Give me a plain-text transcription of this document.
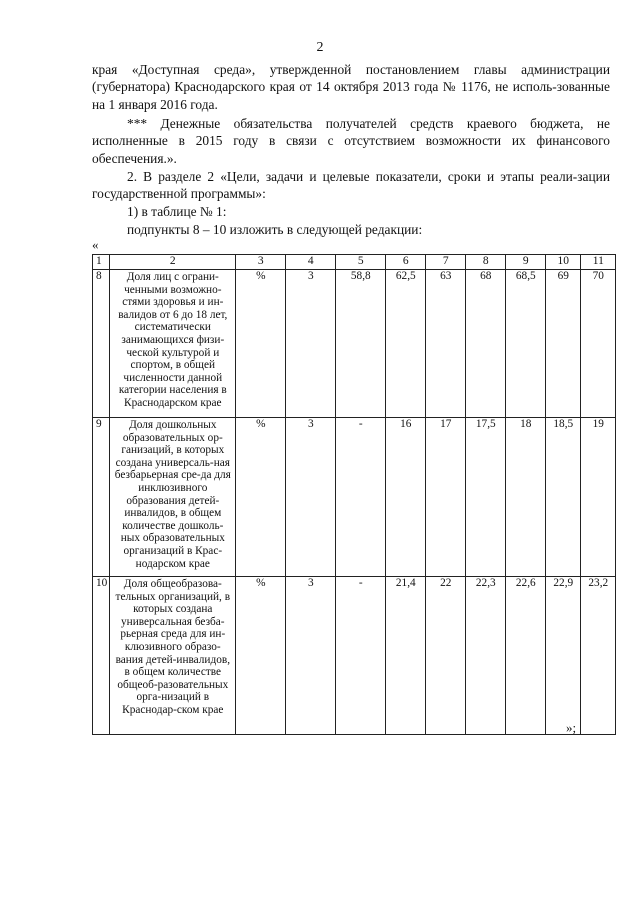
2
края «Доступная среда», утвержденной постановлением главы администрации (губернатора) Краснодарского края от 14 октября 2013 года № 1176, не исполь-зованные на 1 января 2016 года.
*** Денежные обязательства получателей средств краевого бюджета, не исполненные в 2015 году в связи с отсутствием возможности их финансового обеспечения.».
2. В разделе 2 «Цели, задачи и целевые показатели, сроки и этапы реали-зации государственной программы»:
1) в таблице № 1:
подпункты 8 – 10 изложить в следующей редакции:
«
1	2	3	4	5	6	7	8	9	10	11
8	Доля лиц с ограни-ченными возможно-стями здоровья и ин-валидов от 6 до 18 лет, систематически занимающихся физи-ческой культурой и спортом, в общей численности данной категории населения в Краснодарском крае	%	3	58,8	62,5	63	68	68,5	69	70
9	Доля дошкольных образовательных ор-ганизаций, в которых создана универсаль-ная безбарьерная сре-да для инклюзивного образования детей-инвалидов, в общем количестве дошколь-ных образовательных организаций в Крас-нодарском крае	%	3	-	16	17	17,5	18	18,5	19
10	Доля общеобразова-тельных организаций, в которых создана универсальная безба-рьерная среда для ин-клюзивного образо-вания детей-инвалидов, в общем количестве общеоб-разовательных орга-низаций в Краснодар-ском крае	%	3	-	21,4	22	22,3	22,6	22,9	23,2
»;
